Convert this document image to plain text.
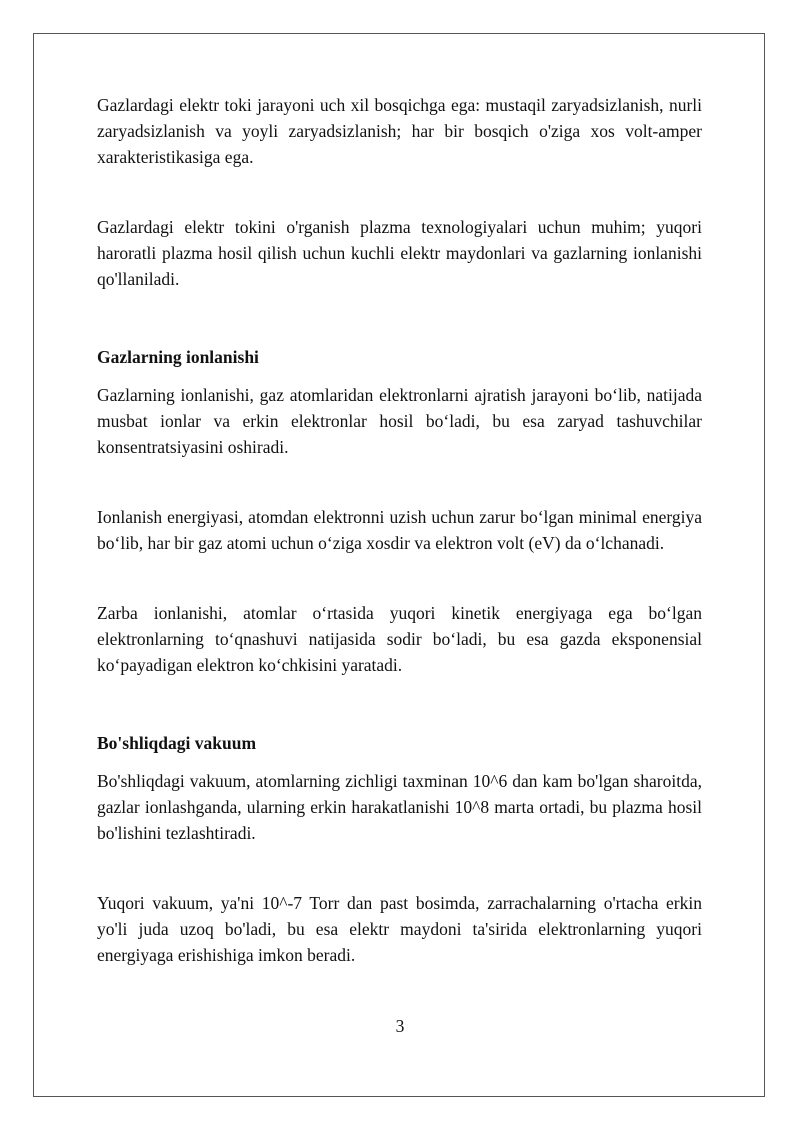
Gazlardagi elektr toki jarayoni uch xil bosqichga ega: mustaqil zaryadsizlanish, nurli zaryadsizlanish va yoyli zaryadsizlanish; har bir bosqich o'ziga xos volt-amper xarakteristikasiga ega.

Gazlardagi elektr tokini o'rganish plazma texnologiyalari uchun muhim; yuqori haroratli plazma hosil qilish uchun kuchli elektr maydonlari va gazlarning ionlanishi qo'llaniladi.

Gazlarning ionlanishi

Gazlarning ionlanishi, gaz atomlaridan elektronlarni ajratish jarayoni bo‘lib, natijada musbat ionlar va erkin elektronlar hosil bo‘ladi, bu esa zaryad tashuvchilar konsentratsiyasini oshiradi.

Ionlanish energiyasi, atomdan elektronni uzish uchun zarur bo‘lgan minimal energiya bo‘lib, har bir gaz atomi uchun o‘ziga xosdir va elektron volt (eV) da o‘lchanadi.

Zarba ionlanishi, atomlar o‘rtasida yuqori kinetik energiyaga ega bo‘lgan elektronlarning to‘qnashuvi natijasida sodir bo‘ladi, bu esa gazda eksponensial ko‘payadigan elektron ko‘chkisini yaratadi.

Bo'shliqdagi vakuum

Bo'shliqdagi vakuum, atomlarning zichligi taxminan 10^6 dan kam bo'lgan sharoitda, gazlar ionlashganda, ularning erkin harakatlanishi 10^8 marta ortadi, bu plazma hosil bo'lishini tezlashtiradi.

Yuqori vakuum, ya'ni 10^-7 Torr dan past bosimda, zarrachalarning o'rtacha erkin yo'li juda uzoq bo'ladi, bu esa elektr maydoni ta'sirida elektronlarning yuqori energiyaga erishishiga imkon beradi.

3
